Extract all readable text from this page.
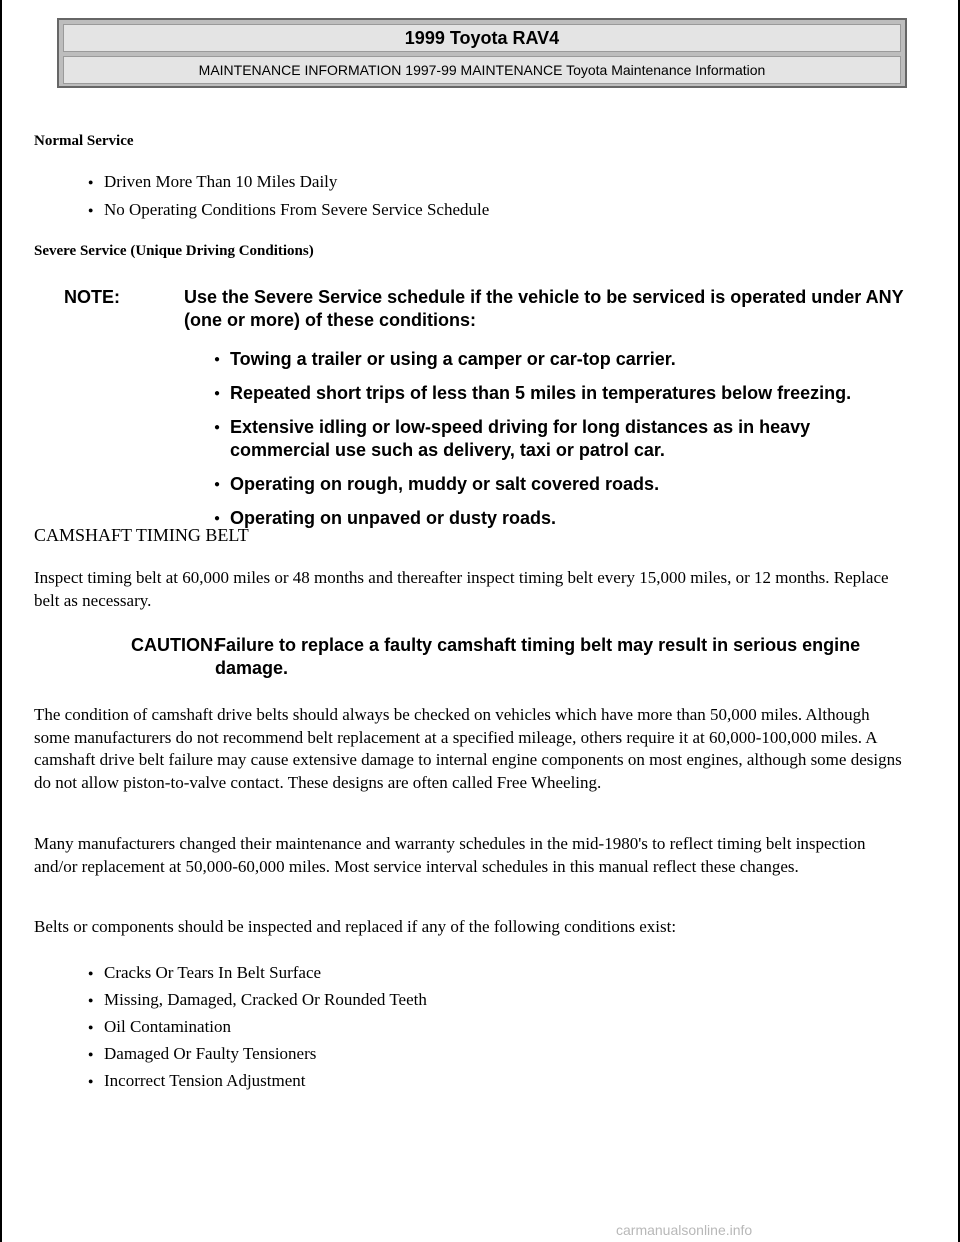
1999 Toyota RAV4
MAINTENANCE INFORMATION 1997-99 MAINTENANCE Toyota Maintenance Information
Normal Service
● Driven More Than 10 Miles Daily
● No Operating Conditions From Severe Service Schedule
Severe Service (Unique Driving Conditions)
NOTE:	Use the Severe Service schedule if the vehicle to be serviced is operated under ANY (one or more) of these conditions:
● Towing a trailer or using a camper or car-top carrier.
● Repeated short trips of less than 5 miles in temperatures below freezing.
● Extensive idling or low-speed driving for long distances as in heavy commercial use such as delivery, taxi or patrol car.
● Operating on rough, muddy or salt covered roads.
● Operating on unpaved or dusty roads.
CAMSHAFT TIMING BELT
Inspect timing belt at 60,000 miles or 48 months and thereafter inspect timing belt every 15,000 miles, or 12 months. Replace belt as necessary.
CAUTION:
Failure to replace a faulty camshaft timing belt may result in serious engine damage.
The condition of camshaft drive belts should always be checked on vehicles which have more than 50,000 miles. Although some manufacturers do not recommend belt replacement at a specified mileage, others require it at 60,000-100,000 miles. A camshaft drive belt failure may cause extensive damage to internal engine components on most engines, although some designs do not allow piston-to-valve contact. These designs are often called Free Wheeling.
Many manufacturers changed their maintenance and warranty schedules in the mid-1980's to reflect timing belt inspection and/or replacement at 50,000-60,000 miles. Most service interval schedules in this manual reflect these changes.
Belts or components should be inspected and replaced if any of the following conditions exist:
● Cracks Or Tears In Belt Surface
● Missing, Damaged, Cracked Or Rounded Teeth
● Oil Contamination
● Damaged Or Faulty Tensioners
● Incorrect Tension Adjustment
carmanualsonline.info
